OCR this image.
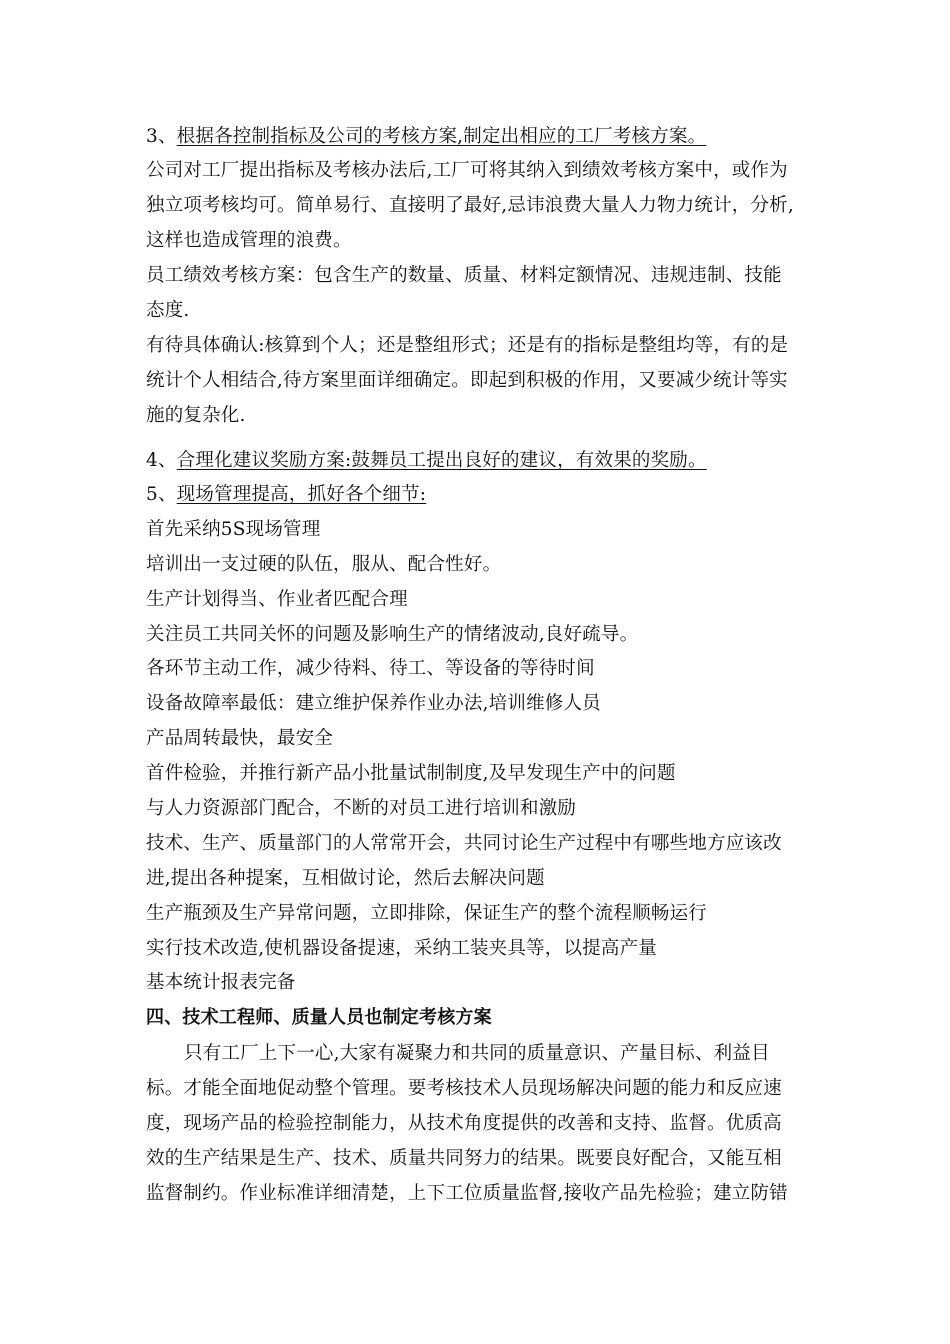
3、根据各控制指标及公司的考核方案,制定出相应的工厂考核方案。

公司对工厂提出指标及考核办法后,工厂可将其纳入到绩效考核方案中，或作为

独立项考核均可。简单易行、直接明了最好,忌讳浪费大量人力物力统计，分析,

这样也造成管理的浪费。

员工绩效考核方案：包含生产的数量、质量、材料定额情况、违规违制、技能

态度.

有待具体确认:核算到个人；还是整组形式；还是有的指标是整组均等，有的是

统计个人相结合,待方案里面详细确定。即起到积极的作用，又要减少统计等实

施的复杂化.

4、合理化建议奖励方案:鼓舞员工提出良好的建议，有效果的奖励。

5、现场管理提高，抓好各个细节:

首先采纳5S现场管理

培训出一支过硬的队伍，服从、配合性好。

生产计划得当、作业者匹配合理

关注员工共同关怀的问题及影响生产的情绪波动,良好疏导。

各环节主动工作，减少待料、待工、等设备的等待时间

设备故障率最低：建立维护保养作业办法,培训维修人员

产品周转最快，最安全

首件检验，并推行新产品小批量试制制度,及早发现生产中的问题

与人力资源部门配合，不断的对员工进行培训和激励

技术、生产、质量部门的人常常开会，共同讨论生产过程中有哪些地方应该改

进,提出各种提案，互相做讨论，然后去解决问题

生产瓶颈及生产异常问题，立即排除，保证生产的整个流程顺畅运行

实行技术改造,使机器设备提速，采纳工装夹具等，以提高产量

基本统计报表完备

四、技术工程师、质量人员也制定考核方案

只有工厂上下一心,大家有凝聚力和共同的质量意识、产量目标、利益目

标。才能全面地促动整个管理。要考核技术人员现场解决问题的能力和反应速

度，现场产品的检验控制能力，从技术角度提供的改善和支持、监督。优质高

效的生产结果是生产、技术、质量共同努力的结果。既要良好配合，又能互相

监督制约。作业标准详细清楚，上下工位质量监督,接收产品先检验；建立防错
